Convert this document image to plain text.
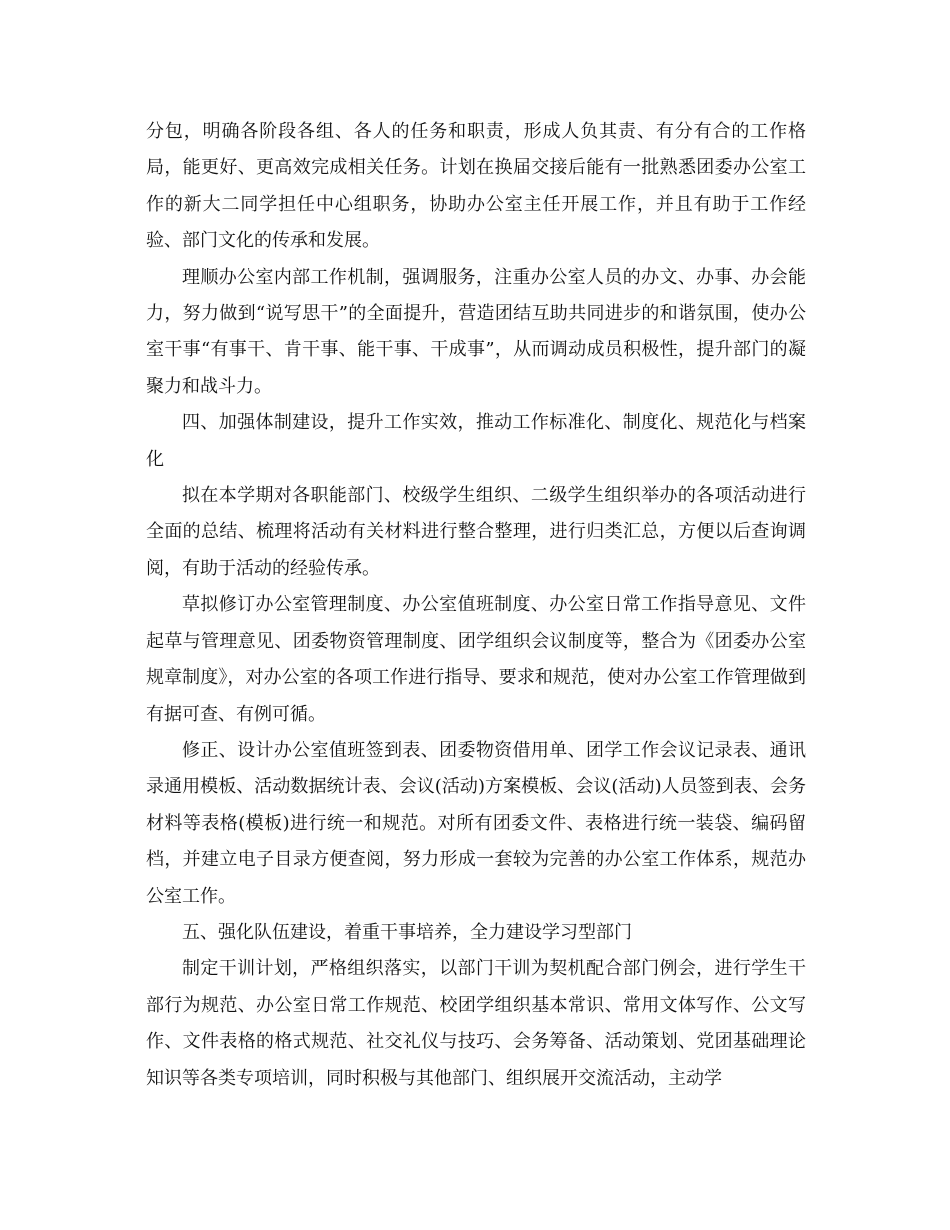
分包，明确各阶段各组、各人的任务和职责，形成人负其责、有分有合的工作格局，能更好、更高效完成相关任务。计划在换届交接后能有一批熟悉团委办公室工作的新大二同学担任中心组职务，协助办公室主任开展工作，并且有助于工作经验、部门文化的传承和发展。

理顺办公室内部工作机制，强调服务，注重办公室人员的办文、办事、办会能力，努力做到“说写思干”的全面提升，营造团结互助共同进步的和谐氛围，使办公室干事“有事干、肯干事、能干事、干成事”，从而调动成员积极性，提升部门的凝聚力和战斗力。

四、加强体制建设，提升工作实效，推动工作标准化、制度化、规范化与档案化

拟在本学期对各职能部门、校级学生组织、二级学生组织举办的各项活动进行全面的总结、梳理将活动有关材料进行整合整理，进行归类汇总，方便以后查询调阅，有助于活动的经验传承。

草拟修订办公室管理制度、办公室值班制度、办公室日常工作指导意见、文件起草与管理意见、团委物资管理制度、团学组织会议制度等，整合为《团委办公室规章制度》，对办公室的各项工作进行指导、要求和规范，使对办公室工作管理做到有据可查、有例可循。

修正、设计办公室值班签到表、团委物资借用单、团学工作会议记录表、通讯录通用模板、活动数据统计表、会议(活动)方案模板、会议(活动)人员签到表、会务材料等表格(模板)进行统一和规范。对所有团委文件、表格进行统一装袋、编码留档，并建立电子目录方便查阅，努力形成一套较为完善的办公室工作体系，规范办公室工作。

五、强化队伍建设，着重干事培养，全力建设学习型部门

制定干训计划，严格组织落实，以部门干训为契机配合部门例会，进行学生干部行为规范、办公室日常工作规范、校团学组织基本常识、常用文体写作、公文写作、文件表格的格式规范、社交礼仪与技巧、会务筹备、活动策划、党团基础理论知识等各类专项培训，同时积极与其他部门、组织展开交流活动，主动学
